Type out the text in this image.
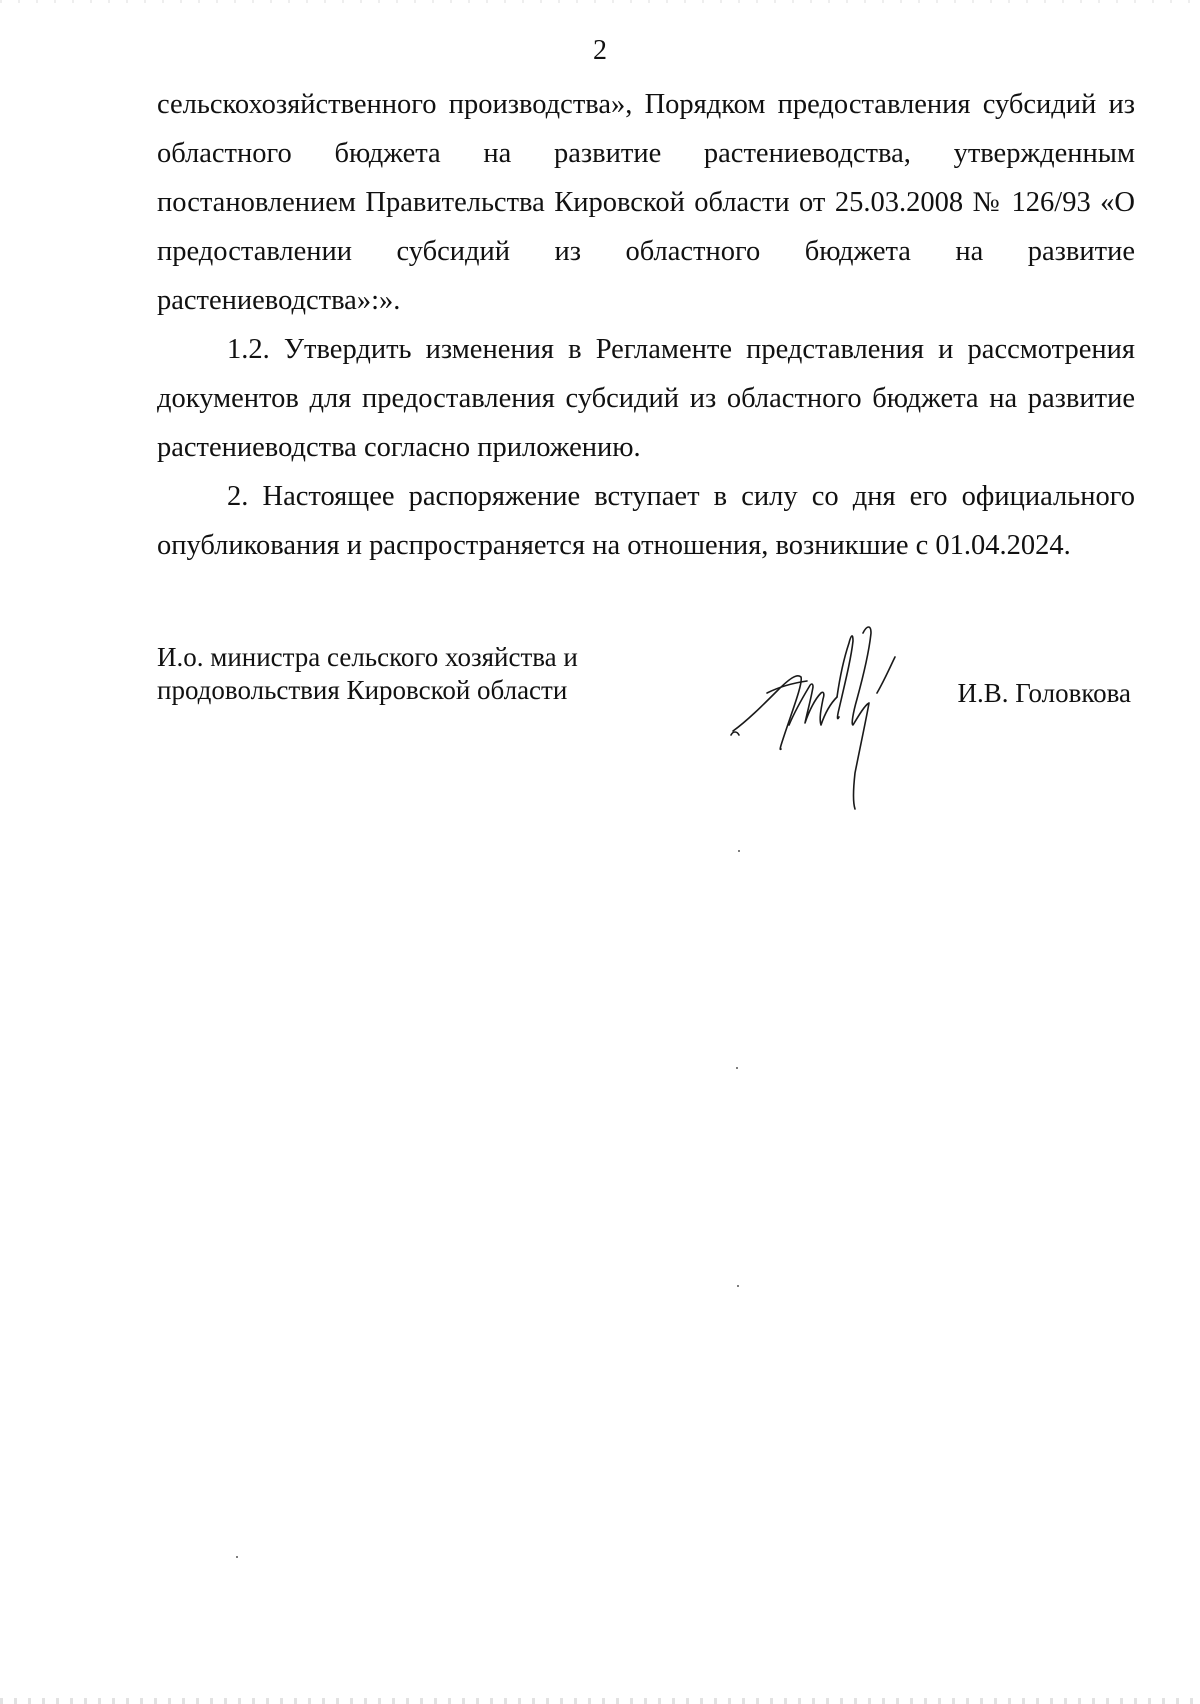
2

сельскохозяйственного производства», Порядком предоставления субсидий из областного бюджета на развитие растениеводства, утвержденным постановлением Правительства Кировской области от 25.03.2008 № 126/93 «О предоставлении субсидий из областного бюджета на развитие растениеводства»:».

1.2. Утвердить изменения в Регламенте представления и рассмотрения документов для предоставления субсидий из областного бюджета на развитие растениеводства согласно приложению.

2. Настоящее распоряжение вступает в силу со дня его официального опубликования и распространяется на отношения, возникшие с 01.04.2024.

И.о. министра сельского хозяйства и
продовольствия Кировской области	И.В. Головкова
